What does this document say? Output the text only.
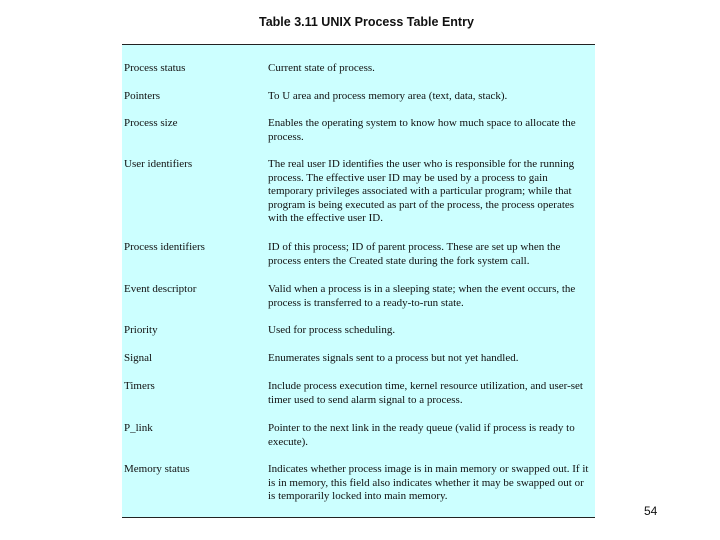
Table 3.11 UNIX Process Table Entry
Process status	Current state of process.
Pointers	To U area and process memory area (text, data, stack).
Process size	Enables the operating system to know how much space to allocate the process.
User identifiers	The real user ID identifies the user who is responsible for the running process. The effective user ID may be used by a process to gain temporary privileges associated with a particular program; while that program is being executed as part of the process, the process operates with the effective user ID.
Process identifiers	ID of this process; ID of parent process. These are set up when the process enters the Created state during the fork system call.
Event descriptor	Valid when a process is in a sleeping state; when the event occurs, the process is transferred to a ready-to-run state.
Priority	Used for process scheduling.
Signal	Enumerates signals sent to a process but not yet handled.
Timers	Include process execution time, kernel resource utilization, and user-set timer used to send alarm signal to a process.
P_link	Pointer to the next link in the ready queue (valid if process is ready to execute).
Memory status	Indicates whether process image is in main memory or swapped out. If it is in memory, this field also indicates whether it may be swapped out or is temporarily locked into main memory.
54
